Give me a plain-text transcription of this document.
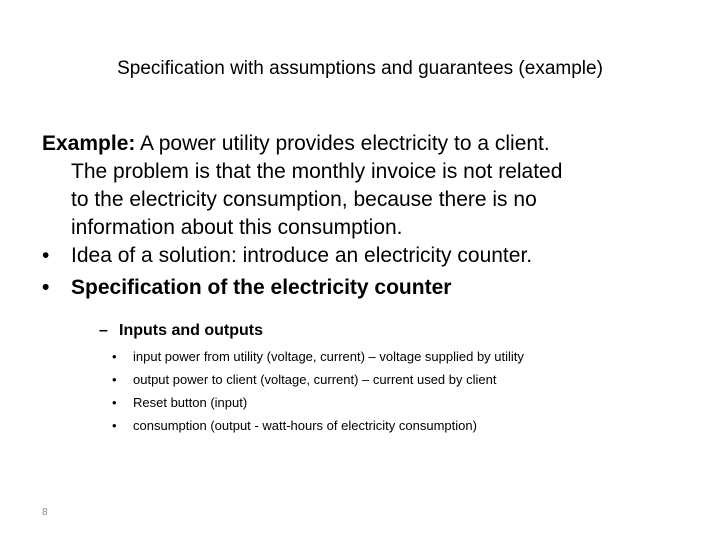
Specification with assumptions and guarantees (example)
Example: A power utility provides electricity to a client.
The problem is that the monthly invoice is not related
to the electricity consumption, because there is no
information about this consumption.
• Idea of a solution: introduce an electricity counter.
• Specification of the electricity counter
– Inputs and outputs
• input power from utility (voltage, current) – voltage supplied by utility
• output power to client (voltage, current) – current used by client
• Reset button (input)
• consumption (output - watt-hours of electricity consumption)
8
